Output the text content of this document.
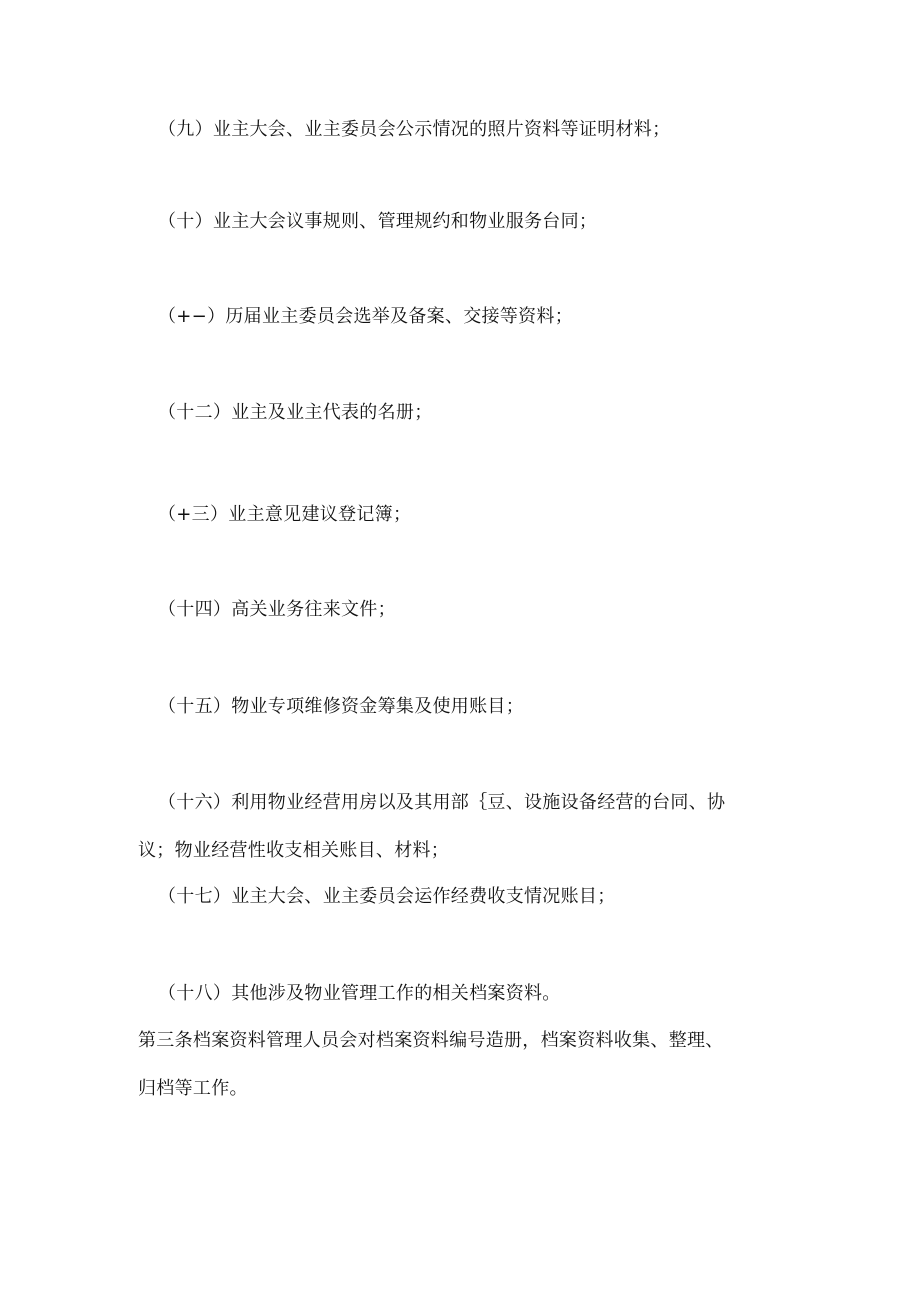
（九）业主大会、业主委员会公示情况的照片资料等证明材料；
（十）业主大会议事规则、管理规约和物业服务台同；
（+−）历届业主委员会选举及备案、交接等资料；
（十二）业主及业主代表的名册；
（+三）业主意见建议登记簿；
（十四）高关业务往来文件；
（十五）物业专项维修资金筹集及使用账目；
（十六）利用物业经营用房以及其用部｛豆、设施设备经营的台同、协
议；物业经营性收支相关账目、材料；
（十七）业主大会、业主委员会运作经费收支情况账目；
（十八）其他涉及物业管理工作的相关档案资料。
第三条档案资料管理人员会对档案资料编号造册，档案资料收集、整理、
归档等工作。
